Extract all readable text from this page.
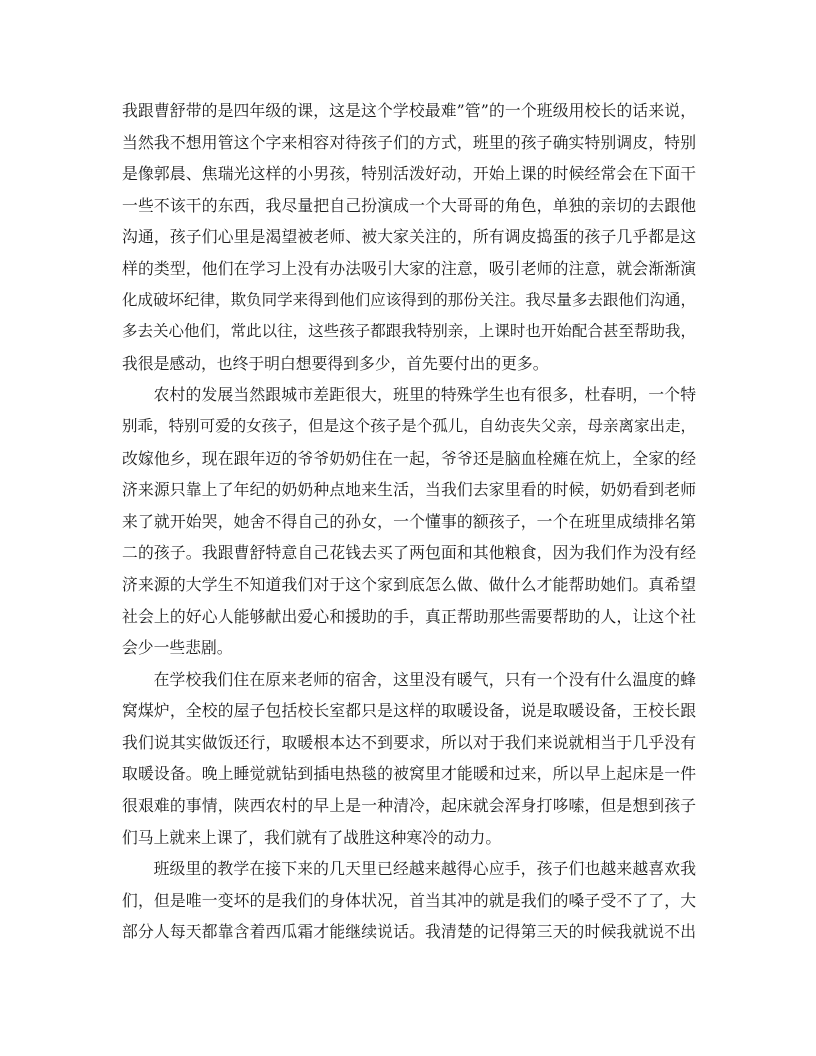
我跟曹舒带的是四年级的课，这是这个学校最难”管”的一个班级用校长的话来说，
当然我不想用管这个字来相容对待孩子们的方式，班里的孩子确实特别调皮，特别
是像郭晨、焦瑞光这样的小男孩，特别活泼好动，开始上课的时候经常会在下面干
一些不该干的东西，我尽量把自己扮演成一个大哥哥的角色，单独的亲切的去跟他
沟通，孩子们心里是渴望被老师、被大家关注的，所有调皮捣蛋的孩子几乎都是这
样的类型，他们在学习上没有办法吸引大家的注意，吸引老师的注意，就会渐渐演
化成破坏纪律，欺负同学来得到他们应该得到的那份关注。我尽量多去跟他们沟通，
多去关心他们，常此以往，这些孩子都跟我特别亲，上课时也开始配合甚至帮助我，
我很是感动，也终于明白想要得到多少，首先要付出的更多。
农村的发展当然跟城市差距很大，班里的特殊学生也有很多，杜春明，一个特
别乖，特别可爱的女孩子，但是这个孩子是个孤儿，自幼丧失父亲，母亲离家出走，
改嫁他乡，现在跟年迈的爷爷奶奶住在一起，爷爷还是脑血栓瘫在炕上，全家的经
济来源只靠上了年纪的奶奶种点地来生活，当我们去家里看的时候，奶奶看到老师
来了就开始哭，她舍不得自己的孙女，一个懂事的额孩子，一个在班里成绩排名第
二的孩子。我跟曹舒特意自己花钱去买了两包面和其他粮食，因为我们作为没有经
济来源的大学生不知道我们对于这个家到底怎么做、做什么才能帮助她们。真希望
社会上的好心人能够献出爱心和援助的手，真正帮助那些需要帮助的人，让这个社
会少一些悲剧。
在学校我们住在原来老师的宿舍，这里没有暖气，只有一个没有什么温度的蜂
窝煤炉，全校的屋子包括校长室都只是这样的取暖设备，说是取暖设备，王校长跟
我们说其实做饭还行，取暖根本达不到要求，所以对于我们来说就相当于几乎没有
取暖设备。晚上睡觉就钻到插电热毯的被窝里才能暖和过来，所以早上起床是一件
很艰难的事情，陕西农村的早上是一种清冷，起床就会浑身打哆嗦，但是想到孩子
们马上就来上课了，我们就有了战胜这种寒冷的动力。
班级里的教学在接下来的几天里已经越来越得心应手，孩子们也越来越喜欢我
们，但是唯一变坏的是我们的身体状况，首当其冲的就是我们的嗓子受不了了，大
部分人每天都靠含着西瓜霜才能继续说话。我清楚的记得第三天的时候我就说不出
